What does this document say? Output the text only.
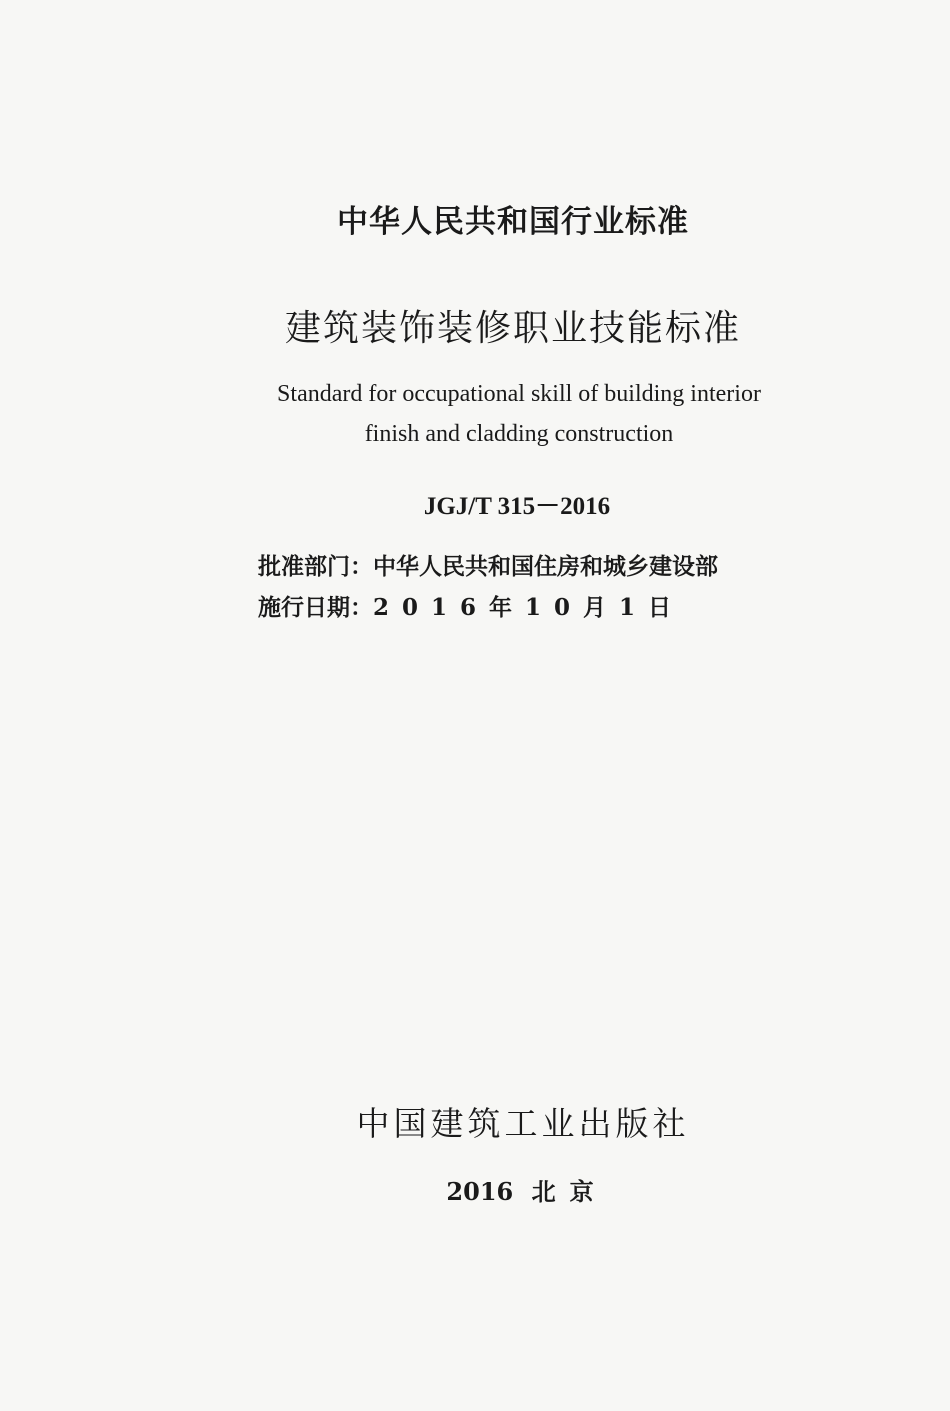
中华人民共和国行业标准
建筑装饰装修职业技能标准
Standard for occupational skill of building interior
finish and cladding construction
JGJ/T 315－2016
批准部门：中华人民共和国住房和城乡建设部
施行日期：2016年10月1日
中国建筑工业出版社
2016 北京
